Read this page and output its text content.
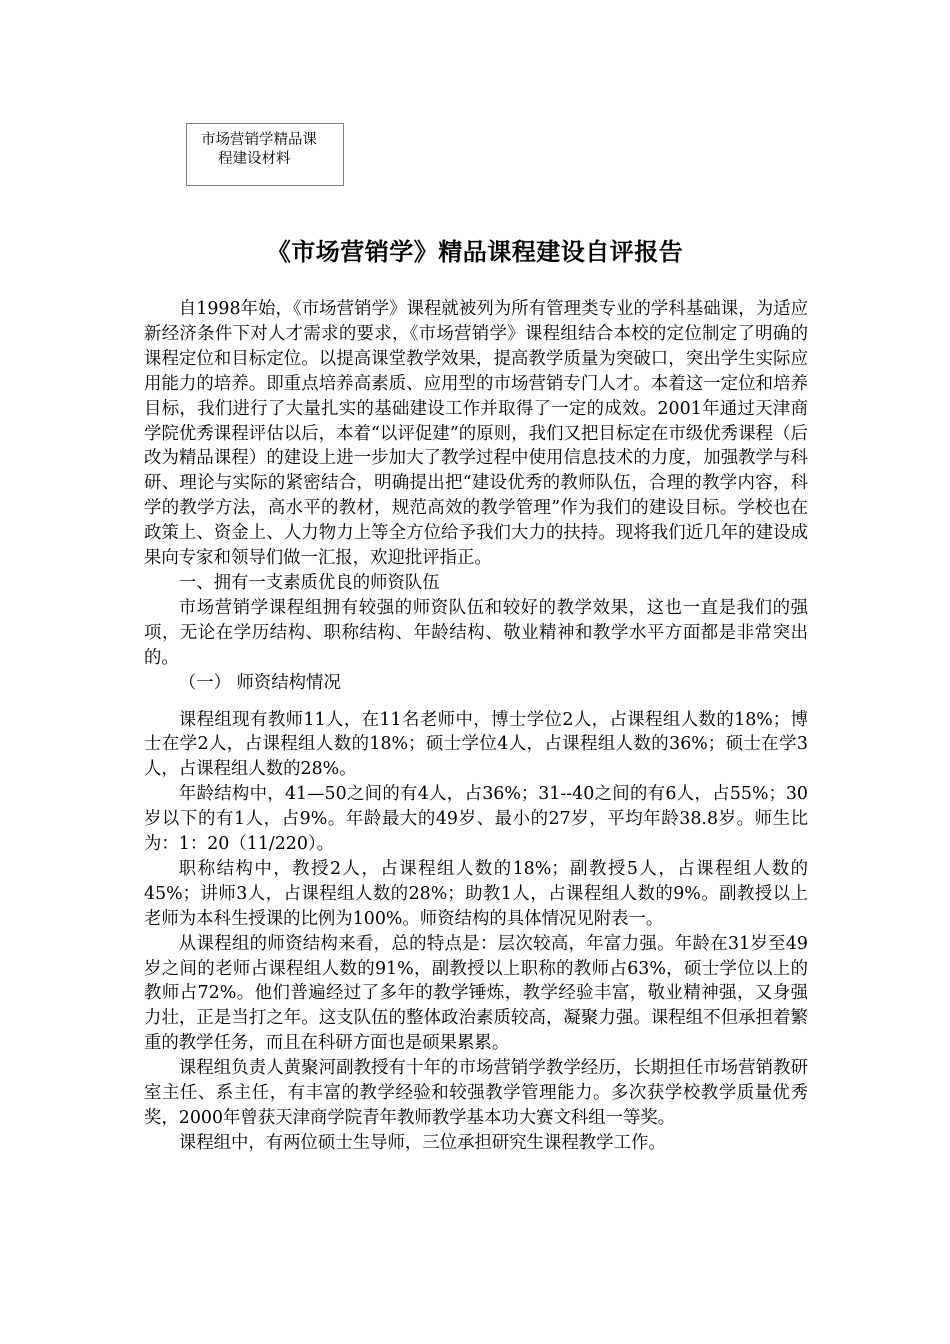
市场营销学精品课
程建设材料
《市场营销学》精品课程建设自评报告

自1998年始，《市场营销学》课程就被列为所有管理类专业的学科基础课，为适应新经济条件下对人才需求的要求，《市场营销学》课程组结合本校的定位制定了明确的课程定位和目标定位。以提高课堂教学效果，提高教学质量为突破口，突出学生实际应用能力的培养。即重点培养高素质、应用型的市场营销专门人才。本着这一定位和培养目标，我们进行了大量扎实的基础建设工作并取得了一定的成效。2001年通过天津商学院优秀课程评估以后，本着“以评促建”的原则，我们又把目标定在市级优秀课程（后改为精品课程）的建设上进一步加大了教学过程中使用信息技术的力度，加强教学与科研、理论与实际的紧密结合，明确提出把“建设优秀的教师队伍，合理的教学内容，科学的教学方法，高水平的教材，规范高效的教学管理”作为我们的建设目标。学校也在政策上、资金上、人力物力上等全方位给予我们大力的扶持。现将我们近几年的建设成果向专家和领导们做一汇报，欢迎批评指正。

一、拥有一支素质优良的师资队伍

市场营销学课程组拥有较强的师资队伍和较好的教学效果，这也一直是我们的强项，无论在学历结构、职称结构、年龄结构、敬业精神和教学水平方面都是非常突出的。

（一） 师资结构情况

课程组现有教师11人，在11名老师中，博士学位2人，占课程组人数的18%；博士在学2人，占课程组人数的18%；硕士学位4人，占课程组人数的36%；硕士在学3人，占课程组人数的28%。

年龄结构中，41—50之间的有4人，占36%；31--40之间的有6人，占55%；30岁以下的有1人，占9%。年龄最大的49岁、最小的27岁，平均年龄38.8岁。师生比为：1：20（11/220）。

职称结构中，教授2人，占课程组人数的18%；副教授5人，占课程组人数的45%；讲师3人，占课程组人数的28%；助教1人，占课程组人数的9%。副教授以上老师为本科生授课的比例为100%。师资结构的具体情况见附表一。

从课程组的师资结构来看，总的特点是：层次较高，年富力强。年龄在31岁至49岁之间的老师占课程组人数的91%，副教授以上职称的教师占63%，硕士学位以上的教师占72%。他们普遍经过了多年的教学锤炼，教学经验丰富，敬业精神强，又身强力壮，正是当打之年。这支队伍的整体政治素质较高，凝聚力强。课程组不但承担着繁重的教学任务，而且在科研方面也是硕果累累。

课程组负责人黄聚河副教授有十年的市场营销学教学经历，长期担任市场营销教研室主任、系主任，有丰富的教学经验和较强教学管理能力。多次获学校教学质量优秀奖，2000年曾获天津商学院青年教师教学基本功大赛文科组一等奖。

课程组中，有两位硕士生导师，三位承担研究生课程教学工作。
